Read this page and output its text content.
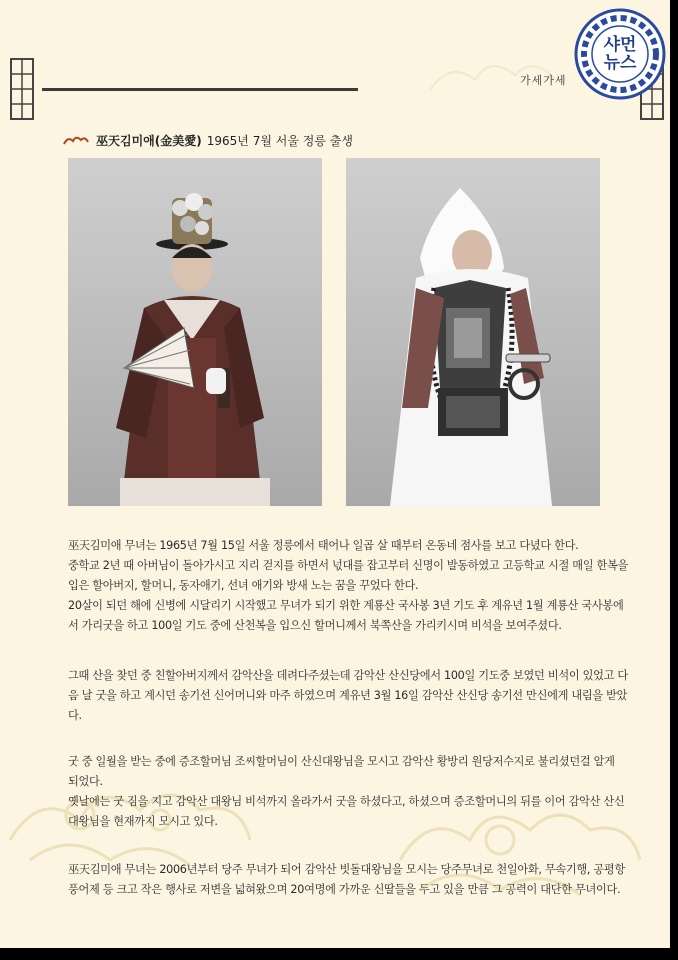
가세가세
샤먼
뉴스
巫天김미애(金美愛) 1965년 7월 서울 정릉 출생

巫天김미애 무녀는 1965년 7월 15일 서울 정릉에서 태어나 일곱 살 때부터 온동네 점사를 보고 다녔다 한다.

중학교 2년 때 아버님이 돌아가시고 지리 걷지를 하면서 넋대를 잡고부터 신명이 발동하였고 고등학교 시절 매일 한복을 입은 할아버지, 할머니, 동자애기, 선녀 애기와 방새 노는 꿈을 꾸었다 한다.

20살이 되던 해에 신병에 시달리기 시작했고 무녀가 되기 위한 계룡산 국사봉 3년 기도 후 계유년 1월 계룡산 국사봉에서 가리굿을 하고 100일 기도 중에 산천복을 입으신 할머니께서 북쪽산을 가리키시며 비석을 보여주셨다.

그때 산을 찾던 중 친할아버지께서 감악산을 데려다주셨는데 감악산 산신당에서 100일 기도중 보였던 비석이 있었고 다음 날 굿을 하고 계시던 송기선 신어머니와 마주 하였으며 계유년 3월 16일 감악산 산신당 송기선 만신에게 내림을 받았다.

굿 중 일월을 받는 중에 증조할머님 조씨할머님이 산신대왕님을 모시고 감악산 황방리 원당저수지로 불리셨던걸 알게 되었다.

옛날에는 굿 짐을 지고 감악산 대왕님 비석까지 올라가서 굿을 하셨다고, 하셨으며 증조할머니의 뒤를 이어 감악산 산신대왕님을 현재까지 모시고 있다.

巫天김미애 무녀는 2006년부터 당주 무녀가 되어 감악산 빗돌대왕님을 모시는 당주무녀로 천일아화, 무속기행, 공평항 풍어제 등 크고 작은 행사로 저변을 넓혀왔으며 20여명에 가까운 신딸들을 두고 있을 만큼 그 공력이 대단한 무녀이다.
